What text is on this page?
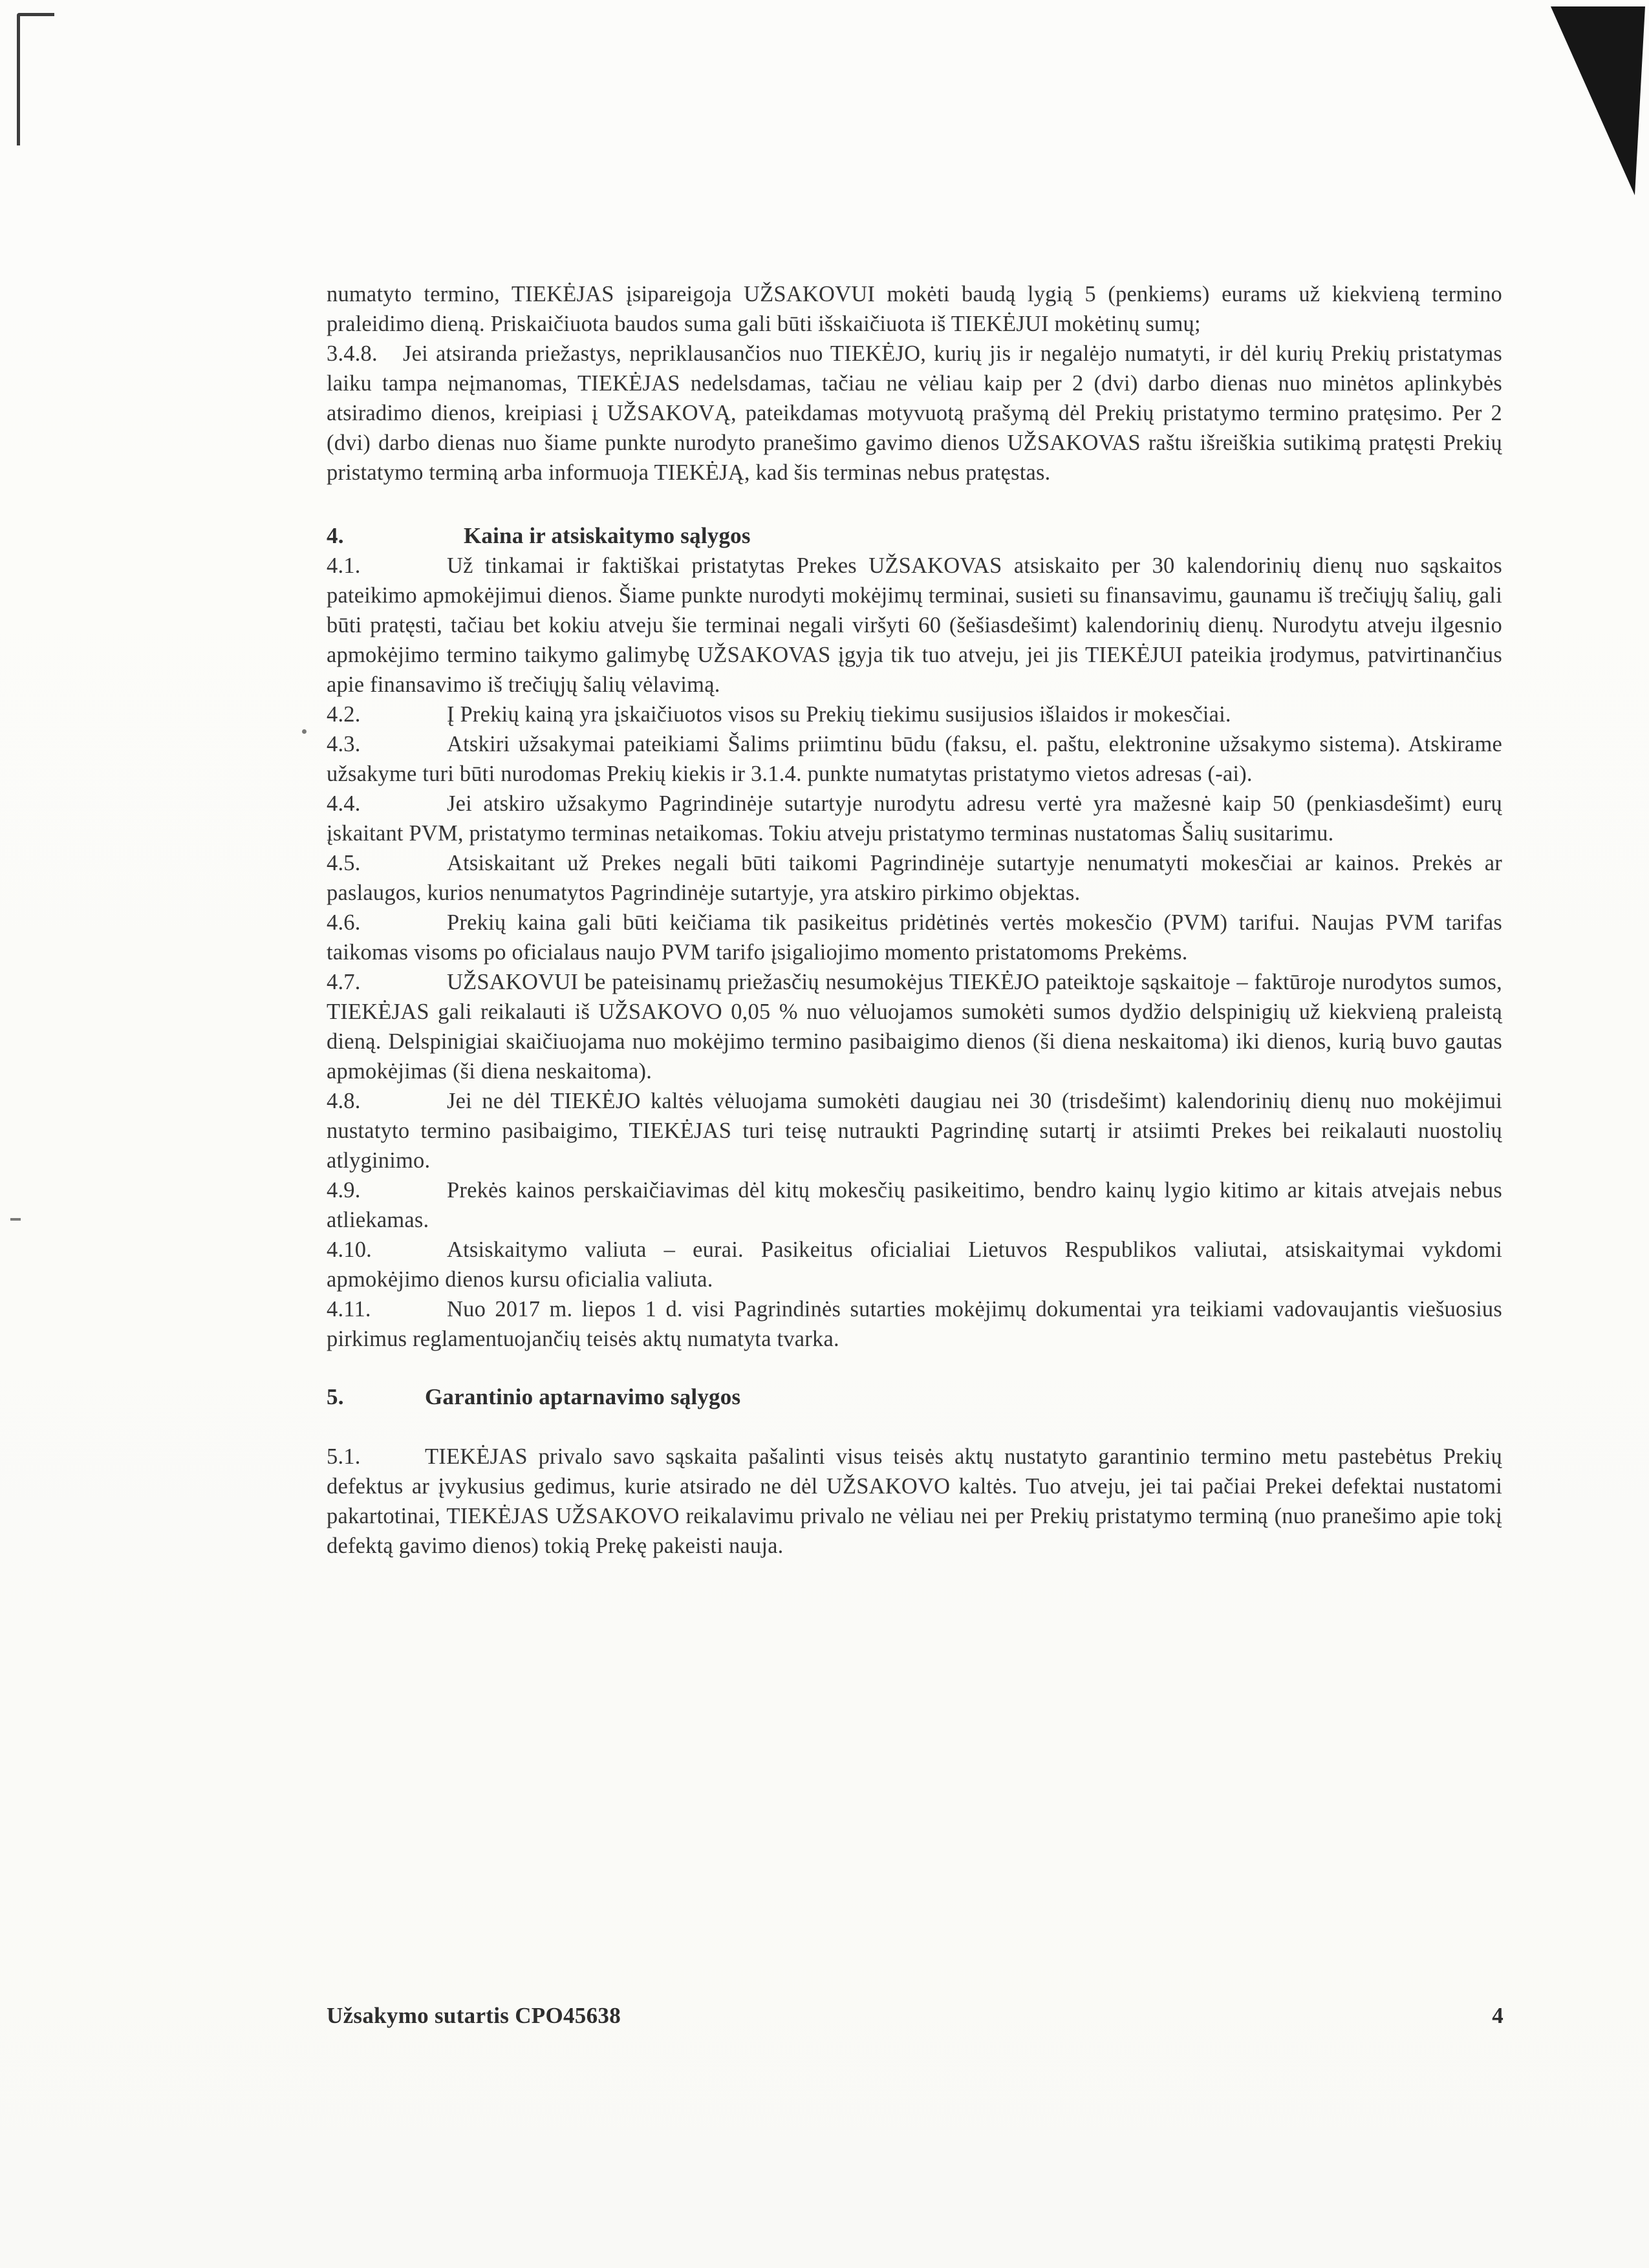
numatyto termino, TIEKĖJAS įsipareigoja UŽSAKOVUI mokėti baudą lygią 5 (penkiems) eurams už kiekvieną termino praleidimo dieną. Priskaičiuota baudos suma gali būti išskaičiuota iš TIEKĖJUI mokėtinų sumų;

3.4.8. Jei atsiranda priežastys, nepriklausančios nuo TIEKĖJO, kurių jis ir negalėjo numatyti, ir dėl kurių Prekių pristatymas laiku tampa neįmanomas, TIEKĖJAS nedelsdamas, tačiau ne vėliau kaip per 2 (dvi) darbo dienas nuo minėtos aplinkybės atsiradimo dienos, kreipiasi į UŽSAKOVĄ, pateikdamas motyvuotą prašymą dėl Prekių pristatymo termino pratęsimo. Per 2 (dvi) darbo dienas nuo šiame punkte nurodyto pranešimo gavimo dienos UŽSAKOVAS raštu išreiškia sutikimą pratęsti Prekių pristatymo terminą arba informuoja TIEKĖJĄ, kad šis terminas nebus pratęstas.

4.	Kaina ir atsiskaitymo sąlygos

4.1.	Už tinkamai ir faktiškai pristatytas Prekes UŽSAKOVAS atsiskaito per 30 kalendorinių dienų nuo sąskaitos pateikimo apmokėjimui dienos. Šiame punkte nurodyti mokėjimų terminai, susieti su finansavimu, gaunamu iš trečiųjų šalių, gali būti pratęsti, tačiau bet kokiu atveju šie terminai negali viršyti 60 (šešiasdešimt) kalendorinių dienų. Nurodytu atveju ilgesnio apmokėjimo termino taikymo galimybę UŽSAKOVAS įgyja tik tuo atveju, jei jis TIEKĖJUI pateikia įrodymus, patvirtinančius apie finansavimo iš trečiųjų šalių vėlavimą.

4.2.	Į Prekių kainą yra įskaičiuotos visos su Prekių tiekimu susijusios išlaidos ir mokesčiai.

4.3.	Atskiri užsakymai pateikiami Šalims priimtinu būdu (faksu, el. paštu, elektronine užsakymo sistema). Atskirame užsakyme turi būti nurodomas Prekių kiekis ir 3.1.4. punkte numatytas pristatymo vietos adresas (-ai).

4.4.	Jei atskiro užsakymo Pagrindinėje sutartyje nurodytu adresu vertė yra mažesnė kaip 50 (penkiasdešimt) eurų įskaitant PVM, pristatymo terminas netaikomas. Tokiu atveju pristatymo terminas nustatomas Šalių susitarimu.

4.5.	Atsiskaitant už Prekes negali būti taikomi Pagrindinėje sutartyje nenumatyti mokesčiai ar kainos. Prekės ar paslaugos, kurios nenumatytos Pagrindinėje sutartyje, yra atskiro pirkimo objektas.

4.6.	Prekių kaina gali būti keičiama tik pasikeitus pridėtinės vertės mokesčio (PVM) tarifui. Naujas PVM tarifas taikomas visoms po oficialaus naujo PVM tarifo įsigaliojimo momento pristatomoms Prekėms.

4.7.	UŽSAKOVUI be pateisinamų priežasčių nesumokėjus TIEKĖJO pateiktoje sąskaitoje – faktūroje nurodytos sumos, TIEKĖJAS gali reikalauti iš UŽSAKOVO 0,05 % nuo vėluojamos sumokėti sumos dydžio delspinigių už kiekvieną praleistą dieną. Delspinigiai skaičiuojama nuo mokėjimo termino pasibaigimo dienos (ši diena neskaitoma) iki dienos, kurią buvo gautas apmokėjimas (ši diena neskaitoma).

4.8.	Jei ne dėl TIEKĖJO kaltės vėluojama sumokėti daugiau nei 30 (trisdešimt) kalendorinių dienų nuo mokėjimui nustatyto termino pasibaigimo, TIEKĖJAS turi teisę nutraukti Pagrindinę sutartį ir atsiimti Prekes bei reikalauti nuostolių atlyginimo.

4.9.	Prekės kainos perskaičiavimas dėl kitų mokesčių pasikeitimo, bendro kainų lygio kitimo ar kitais atvejais nebus atliekamas.

4.10.	Atsiskaitymo valiuta – eurai. Pasikeitus oficialiai Lietuvos Respublikos valiutai, atsiskaitymai vykdomi apmokėjimo dienos kursu oficialia valiuta.

4.11.	Nuo 2017 m. liepos 1 d. visi Pagrindinės sutarties mokėjimų dokumentai yra teikiami vadovaujantis viešuosius pirkimus reglamentuojančių teisės aktų numatyta tvarka.

5.	Garantinio aptarnavimo sąlygos

5.1.	TIEKĖJAS privalo savo sąskaita pašalinti visus teisės aktų nustatyto garantinio termino metu pastebėtus Prekių defektus ar įvykusius gedimus, kurie atsirado ne dėl UŽSAKOVO kaltės. Tuo atveju, jei tai pačiai Prekei defektai nustatomi pakartotinai, TIEKĖJAS UŽSAKOVO reikalavimu privalo ne vėliau nei per Prekių pristatymo terminą (nuo pranešimo apie tokį defektą gavimo dienos) tokią Prekę pakeisti nauja.

Užsakymo sutartis CPO45638	4
